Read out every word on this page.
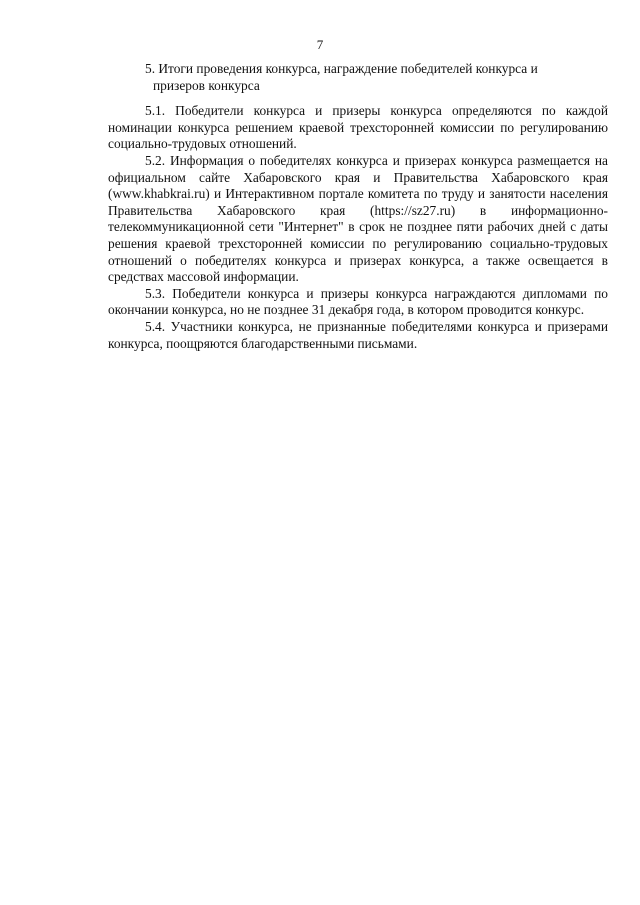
7
5. Итоги проведения конкурса, награждение победителей конкурса и
призеров конкурса

5.1. Победители конкурса и призеры конкурса определяются по каждой номинации конкурса решением краевой трехсторонней комиссии по регулированию социально-трудовых отношений.

5.2. Информация о победителях конкурса и призерах конкурса размещается на официальном сайте Хабаровского края и Правительства Хабаровского края (www.khabkrai.ru) и Интерактивном портале комитета по труду и занятости населения Правительства Хабаровского края (https://sz27.ru) в информационно-телекоммуникационной сети "Интернет" в срок не позднее пяти рабочих дней с даты решения краевой трехсторонней комиссии по регулированию социально-трудовых отношений о победителях конкурса и призерах конкурса, а также освещается в средствах массовой информации.

5.3. Победители конкурса и призеры конкурса награждаются дипломами по окончании конкурса, но не позднее 31 декабря года, в котором проводится конкурс.

5.4. Участники конкурса, не признанные победителями конкурса и призерами конкурса, поощряются благодарственными письмами.
